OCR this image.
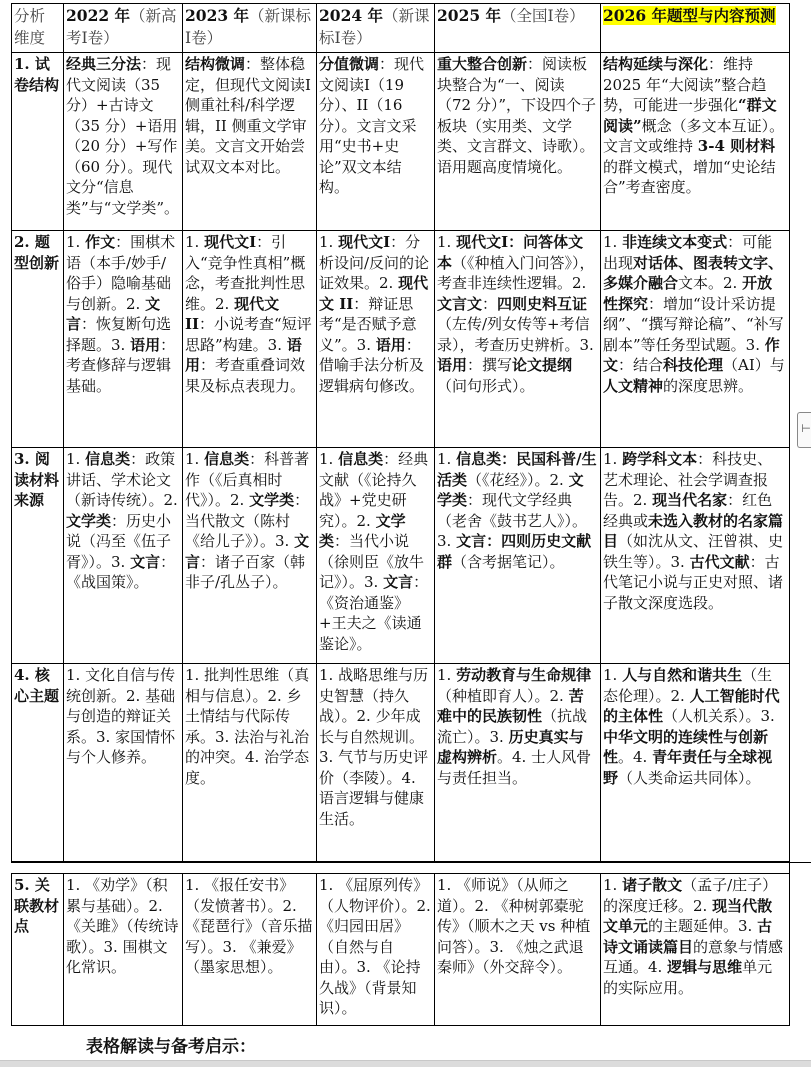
分析维度	2022 年（新高考Ⅰ卷）	2023 年（新课标Ⅰ卷）	2024 年（新课标Ⅰ卷）	2025 年（全国Ⅰ卷）	2026 年题型与内容预测
1. 试卷结构	经典三分法：现代文阅读（35 分）+古诗文（35 分）+语用（20 分）+写作（60 分）。现代文分“信息类”与“文学类”。	结构微调：整体稳定，但现代文阅读Ⅰ侧重社科/科学逻辑，II 侧重文学审美。文言文开始尝试双文本对比。	分值微调：现代文阅读Ⅰ（19 分）、II（16 分）。文言文采用“史书+史论”双文本结构。	重大整合创新：阅读板块整合为“一、阅读（72 分）”，下设四个子板块（实用类、文学类、文言群文、诗歌）。语用题高度情境化。	结构延续与深化：维持 2025 年“大阅读”整合趋势，可能进一步强化“群文阅读”概念（多文本互证）。文言文或维持 3-4 则材料的群文模式，增加“史论结合”考查密度。
2. 题型创新	1. 作文：围棋术语（本手/妙手/俗手）隐喻基础与创新。2. 文言：恢复断句选择题。3. 语用：考查修辞与逻辑基础。	1. 现代文Ⅰ：引入“竞争性真相”概念，考查批判性思维。2. 现代文 II：小说考查“短评思路”构建。3. 语用：考查重叠词效果及标点表现力。	1. 现代文Ⅰ：分析设问/反问的论证效果。2. 现代文 II：辩证思考“是否赋予意义”。3. 语用：借喻手法分析及逻辑病句修改。	1. 现代文Ⅰ：问答体文本（《种植入门问答》），考查非连续性逻辑。2. 文言文：四则史料互证（左传/列女传等+考信录），考查历史辨析。3. 语用：撰写论文提纲（问句形式）。	1. 非连续文本变式：可能出现对话体、图表转文字、多媒介融合文本。2. 开放性探究：增加“设计采访提纲”、“撰写辩论稿”、“补写剧本”等任务型试题。3. 作文：结合科技伦理（AI）与人文精神的深度思辨。
3. 阅读材料来源	1. 信息类：政策讲话、学术论文（新诗传统）。2. 文学类：历史小说（冯至《伍子胥》）。3. 文言：《战国策》。	1. 信息类：科普著作（《后真相时代》）。2. 文学类：当代散文（陈村《给儿子》）。3. 文言：诸子百家（韩非子/孔丛子）。	1. 信息类：经典文献（《论持久战》+党史研究）。2. 文学类：当代小说（徐则臣《放牛记》）。3. 文言：《资治通鉴》+王夫之《读通鉴论》。	1. 信息类：民国科普/生活类（《花经》）。2. 文学类：现代文学经典（老舍《鼓书艺人》）。3. 文言：四则历史文献群（含考据笔记）。	1. 跨学科文本：科技史、艺术理论、社会学调查报告。2. 现当代名家：红色经典或未选入教材的名家篇目（如沈从文、汪曾祺、史铁生等）。3. 古代文献：古代笔记小说与正史对照、诸子散文深度选段。
4. 核心主题	1. 文化自信与传统创新。2. 基础与创造的辩证关系。3. 家国情怀与个人修养。	1. 批判性思维（真相与信息）。2. 乡土情结与代际传承。3. 法治与礼治的冲突。4. 治学态度。	1. 战略思维与历史智慧（持久战）。2. 少年成长与自然规训。3. 气节与历史评价（李陵）。4. 语言逻辑与健康生活。	1. 劳动教育与生命规律（种植即育人）。2. 苦难中的民族韧性（抗战流亡）。3. 历史真实与虚构辨析。4. 士人风骨与责任担当。	1. 人与自然和谐共生（生态伦理）。2. 人工智能时代的主体性（人机关系）。3. 中华文明的连续性与创新性。4. 青年责任与全球视野（人类命运共同体）。
5. 关联教材点	1. 《劝学》（积累与基础）。2. 《关雎》（传统诗歌）。3. 围棋文化常识。	1. 《报任安书》（发愤著书）。2. 《琵琶行》（音乐描写）。3. 《兼爱》（墨家思想）。	1. 《屈原列传》（人物评价）。2. 《归园田居》（自然与自由）。3. 《论持久战》（背景知识）。	1. 《师说》（从师之道）。2. 《种树郭橐驼传》（顺木之天 vs 种植问答）。3. 《烛之武退秦师》（外交辞令）。	1. 诸子散文（孟子/庄子）的深度迁移。2. 现当代散文单元的主题延伸。3. 古诗文诵读篇目的意象与情感互通。4. 逻辑与思维单元的实际应用。
表格解读与备考启示：
⊢
